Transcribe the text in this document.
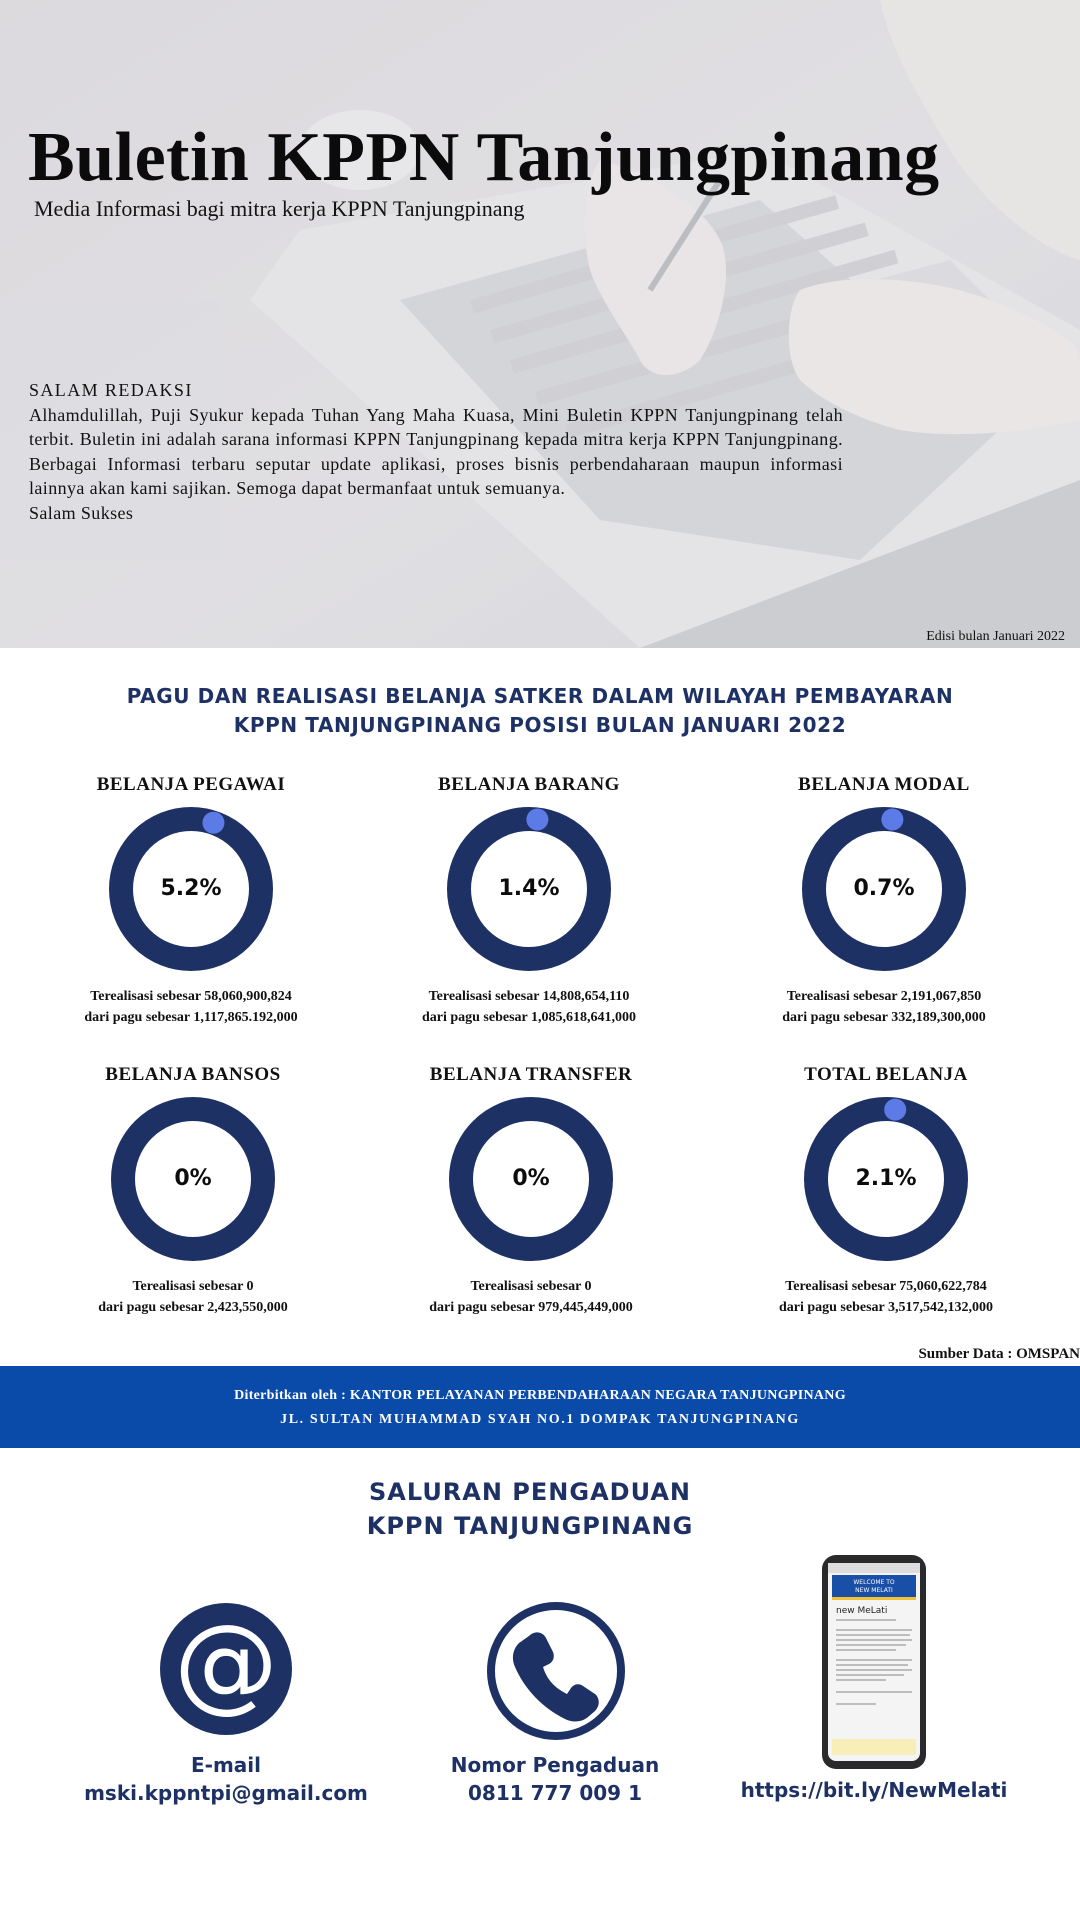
Buletin KPPN Tanjungpinang
Media Informasi bagi mitra kerja KPPN Tanjungpinang
SALAM REDAKSI
Alhamdulillah, Puji Syukur kepada Tuhan Yang Maha Kuasa, Mini Buletin KPPN Tanjungpinang telah terbit. Buletin ini adalah sarana informasi KPPN Tanjungpinang kepada mitra kerja KPPN Tanjungpinang. Berbagai Informasi terbaru seputar update aplikasi, proses bisnis perbendaharaan maupun informasi lainnya akan kami sajikan. Semoga dapat bermanfaat untuk semuanya.
Salam Sukses
Edisi bulan Januari 2022
PAGU DAN REALISASI BELANJA SATKER DALAM WILAYAH PEMBAYARAN
KPPN TANJUNGPINANG POSISI BULAN JANUARI 2022
BELANJA PEGAWAI
5.2%
Terealisasi sebesar 58,060,900,824
dari pagu sebesar 1,117,865.192,000
BELANJA BARANG
1.4%
Terealisasi sebesar 14,808,654,110
dari pagu sebesar 1,085,618,641,000
BELANJA MODAL
0.7%
Terealisasi sebesar 2,191,067,850
dari pagu sebesar 332,189,300,000
BELANJA BANSOS
0%
Terealisasi sebesar 0
dari pagu sebesar 2,423,550,000
BELANJA TRANSFER
0%
Terealisasi sebesar 0
dari pagu sebesar 979,445,449,000
TOTAL BELANJA
2.1%
Terealisasi sebesar 75,060,622,784
dari pagu sebesar 3,517,542,132,000
Sumber Data : OMSPAN
Diterbitkan oleh : KANTOR PELAYANAN PERBENDAHARAAN NEGARA TANJUNGPINANG
JL. SULTAN MUHAMMAD SYAH NO.1 DOMPAK TANJUNGPINANG
SALURAN PENGADUAN
KPPN TANJUNGPINANG
@
E-mail
mski.kppntpi@gmail.com
Nomor Pengaduan
0811 777 009 1
WELCOME TO
NEW MELATI
new MeLati
https://bit.ly/NewMelati
